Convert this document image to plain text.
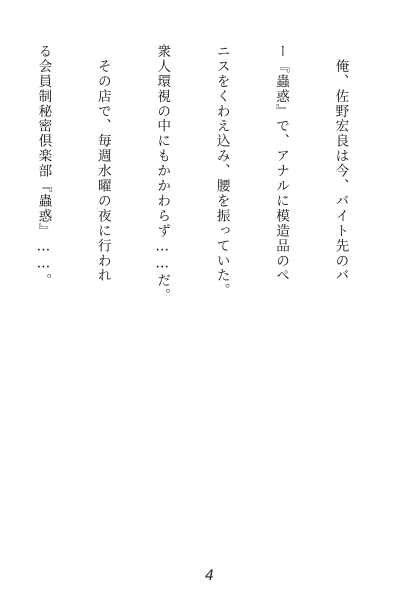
　俺、佐野宏良は今、バイト先のバ

ー『蟲惑』で、アナルに模造品のペ

ニスをくわえ込み、腰を振っていた。

衆人環視の中にもかかわらず……だ。

　その店で、毎週水曜の夜に行われ

る会員制秘密倶楽部『蟲惑』……。

4
